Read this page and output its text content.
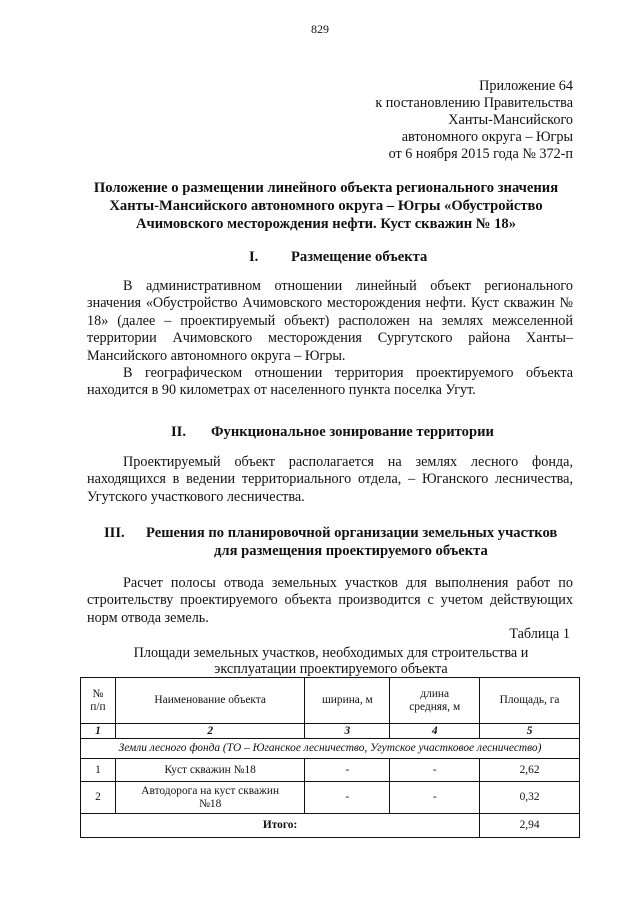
829
Приложение 64
к постановлению Правительства
Ханты-Мансийского
автономного округа – Югры
от 6 ноября 2015 года № 372-п
Положение о размещении линейного объекта регионального значения
Ханты-Мансийского автономного округа – Югры «Обустройство
Ачимовского месторождения нефти. Куст скважин № 18»
I. Размещение объекта

В административном отношении линейный объект регионального значения «Обустройство Ачимовского месторождения нефти. Куст скважин № 18» (далее – проектируемый объект) расположен на землях межселенной территории Ачимовского месторождения Сургутского района Ханты–Мансийского автономного округа – Югры.

В географическом отношении территория проектируемого объекта находится в 90 километрах от населенного пункта поселка Угут.

II. Функциональное зонирование территории

Проектируемый объект располагается на землях лесного фонда, находящихся в ведении территориального отдела, – Юганского лесничества, Угутского участкового лесничества.

III. Решения по планировочной организации земельных участков
для размещения проектируемого объекта

Расчет полосы отвода земельных участков для выполнения работ по строительству проектируемого объекта производится с учетом действующих норм отвода земель.

Таблица 1
Площади земельных участков, необходимых для строительства и
эксплуатации проектируемого объекта
№
п/п	Наименование объекта	ширина, м	длина
средняя, м	Площадь, га
1	2	3	4	5
Земли лесного фонда (ТО – Юганское лесничество, Угутское участковое лесничество)				
1	Куст скважин №18	-	-	2,62
2	Автодорога на куст скважин
№18	-	-	0,32
Итого:				2,94
